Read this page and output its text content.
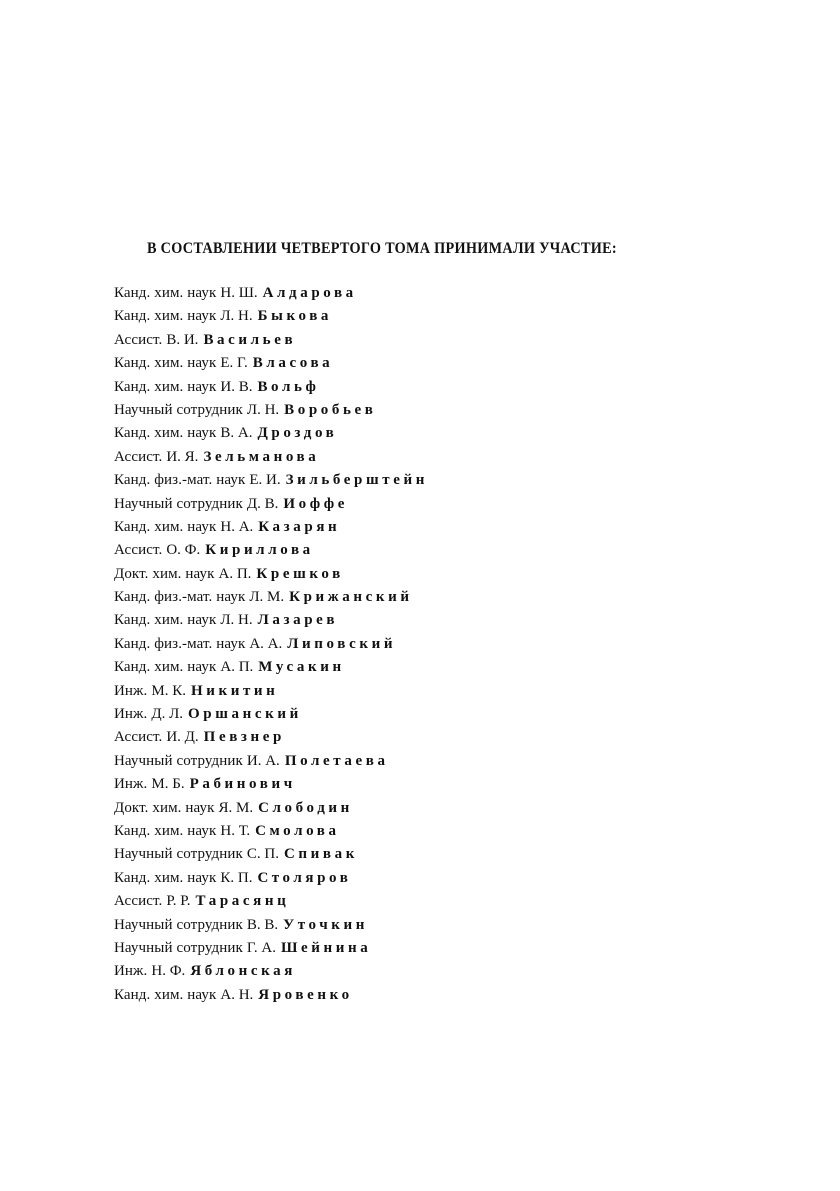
В СОСТАВЛЕНИИ ЧЕТВЕРТОГО ТОМА ПРИНИМАЛИ УЧАСТИЕ:
Канд. хим. наук Н. Ш. Алдарова
Канд. хим. наук Л. Н. Быкова
Ассист. В. И. Васильев
Канд. хим. наук Е. Г. Власова
Канд. хим. наук И. В. Вольф
Научный сотрудник Л. Н. Воробьев
Канд. хим. наук В. А. Дроздов
Ассист. И. Я. Зельманова
Канд. физ.-мат. наук Е. И. Зильберштейн
Научный сотрудник Д. В. Иоффе
Канд. хим. наук Н. А. Казарян
Ассист. О. Ф. Кириллова
Докт. хим. наук А. П. Крешков
Канд. физ.-мат. наук Л. М. Крижанский
Канд. хим. наук Л. Н. Лазарев
Канд. физ.-мат. наук А. А. Липовский
Канд. хим. наук А. П. Мусакин
Инж. М. К. Никитин
Инж. Д. Л. Оршанский
Ассист. И. Д. Певзнер
Научный сотрудник И. А. Полетаева
Инж. М. Б. Рабинович
Докт. хим. наук Я. М. Слободин
Канд. хим. наук Н. Т. Смолова
Научный сотрудник С. П. Спивак
Канд. хим. наук К. П. Столяров
Ассист. Р. Р. Тарасянц
Научный сотрудник В. В. Уточкин
Научный сотрудник Г. А. Шейнина
Инж. Н. Ф. Яблонская
Канд. хим. наук А. Н. Яровенко
